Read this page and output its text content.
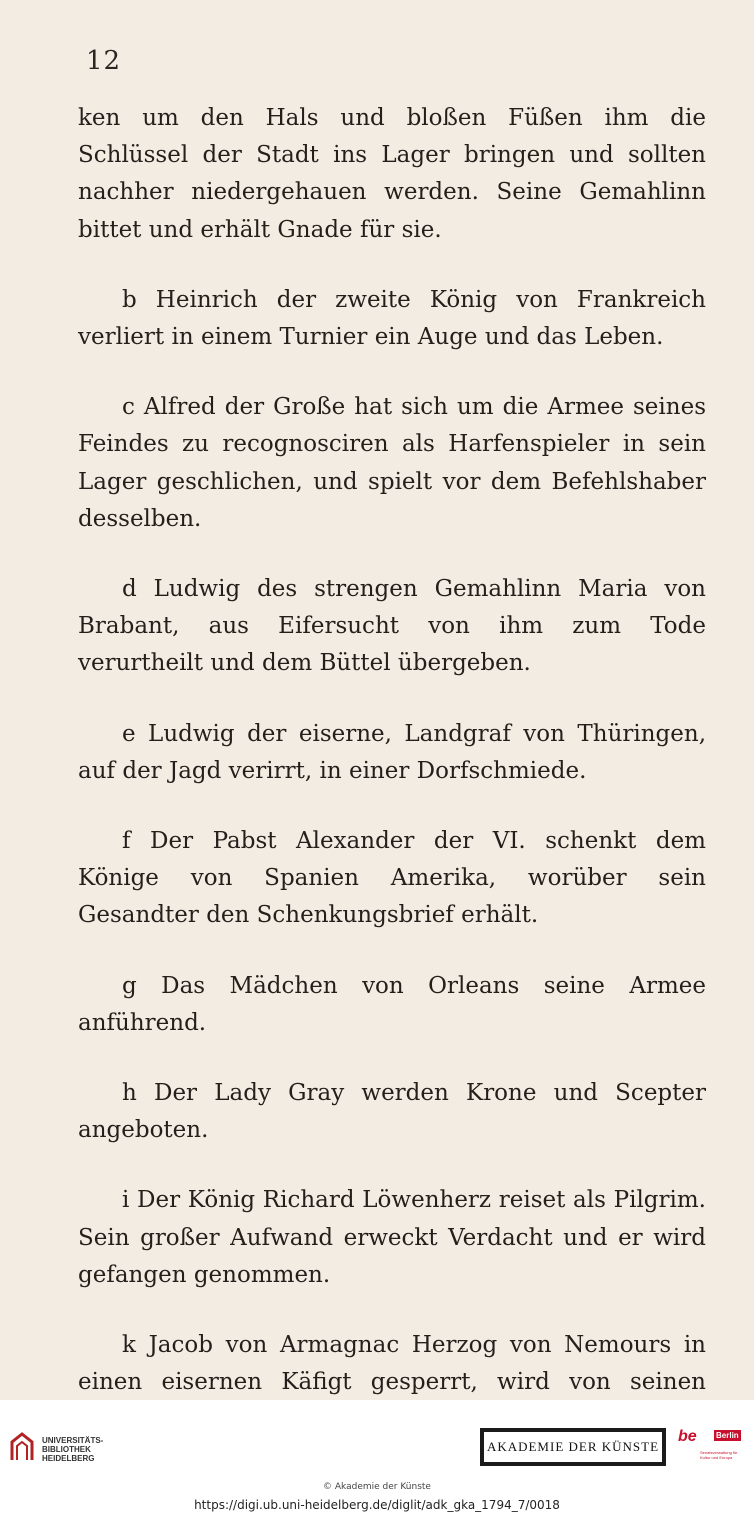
12

ken um den Hals und bloßen Füßen ihm die Schlüssel der Stadt ins Lager bringen und sollten nachher niedergehauen werden. Seine Gemahlinn bittet und erhält Gnade für sie.

b Heinrich der zweite König von Frankreich verliert in einem Turnier ein Auge und das Leben.

c Alfred der Große hat sich um die Armee seines Feindes zu recognosciren als Harfenspieler in sein Lager geschlichen, und spielt vor dem Befehlshaber desselben.

d Ludwig des strengen Gemahlinn Maria von Brabant, aus Eifersucht von ihm zum Tode verurtheilt und dem Büttel übergeben.

e Ludwig der eiserne, Landgraf von Thüringen, auf der Jagd verirrt, in einer Dorfschmiede.

f Der Pabst Alexander der VI. schenkt dem Könige von Spanien Amerika, worüber sein Gesandter den Schenkungsbrief erhält.

g Das Mädchen von Orleans seine Armee anführend.

h Der Lady Gray werden Krone und Scepter angeboten.

i Der König Richard Löwenherz reiset als Pilgrim. Sein großer Aufwand erweckt Verdacht und er wird gefangen genommen.

k Jacob von Armagnac Herzog von Nemours in einen eisernen Käfigt gesperrt, wird von seinen

UNIVERSITÄTS-
BIBLIOTHEK
HEIDELBERG
AKADEMIE DER KÜNSTE
be Berlin
Senatsverwaltung für Kultur und Europa
© Akademie der Künste
https://digi.ub.uni-heidelberg.de/diglit/adk_gka_1794_7/0018
